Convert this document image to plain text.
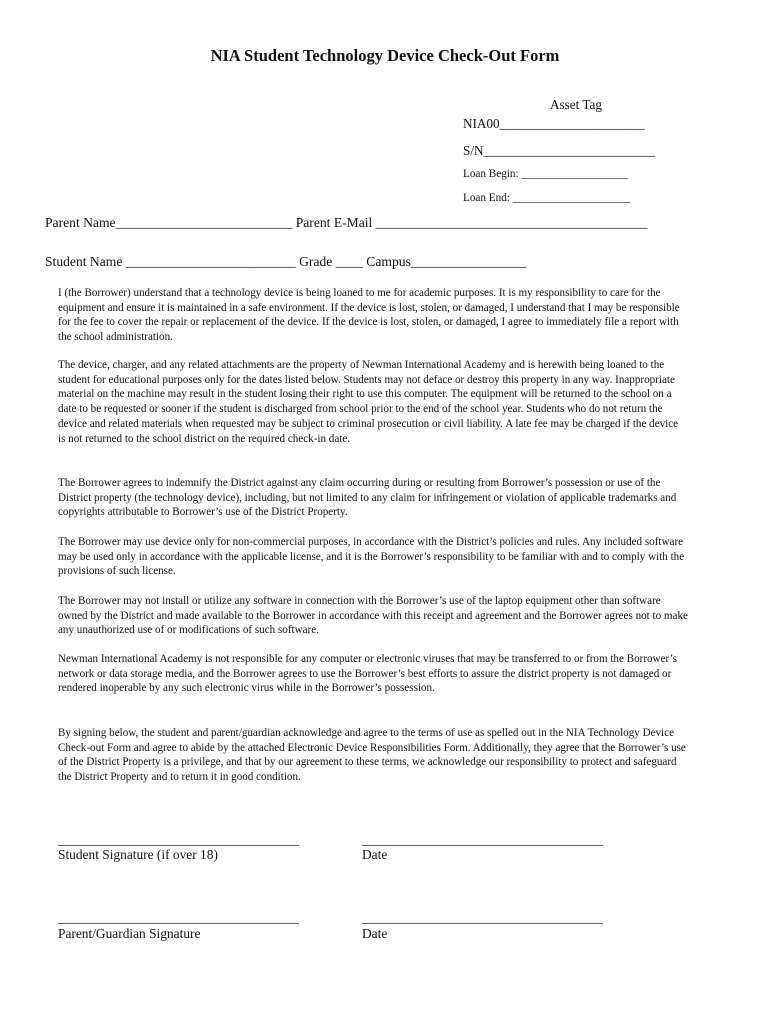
NIA Student Technology Device Check-Out Form
Asset Tag
NIA00______________________
S/N__________________________
Loan Begin: ___________________
Loan End: _____________________
Parent Name__________________________ Parent E-Mail ________________________________________
Student Name _________________________ Grade ____ Campus_________________
I (the Borrower) understand that a technology device is being loaned to me for academic purposes. It is my responsibility to care for the equipment and ensure it is maintained in a safe environment. If the device is lost, stolen, or damaged, I understand that I may be responsible for the fee to cover the repair or replacement of the device. If the device is lost, stolen, or damaged, I agree to immediately file a report with the school administration.
The device, charger, and any related attachments are the property of Newman International Academy and is herewith being loaned to the student for educational purposes only for the dates listed below. Students may not deface or destroy this property in any way. Inappropriate material on the machine may result in the student losing their right to use this computer. The equipment will be returned to the school on a date to be requested or sooner if the student is discharged from school prior to the end of the school year. Students who do not return the device and related materials when requested may be subject to criminal prosecution or civil liability. A late fee may be charged if the device is not returned to the school district on the required check-in date.
The Borrower agrees to indemnify the District against any claim occurring during or resulting from Borrower’s possession or use of the District property (the technology device), including, but not limited to any claim for infringement or violation of applicable trademarks and copyrights attributable to Borrower’s use of the District Property.
The Borrower may use device only for non-commercial purposes, in accordance with the District’s policies and rules. Any included software may be used only in accordance with the applicable license, and it is the Borrower’s responsibility to be familiar with and to comply with the provisions of such license.
The Borrower may not install or utilize any software in connection with the Borrower’s use of the laptop equipment other than software owned by the District and made available to the Borrower in accordance with this receipt and agreement and the Borrower agrees not to make any unauthorized use of or modifications of such software.
Newman International Academy is not responsible for any computer or electronic viruses that may be transferred to or from the Borrower’s network or data storage media, and the Borrower agrees to use the Borrower’s best efforts to assure the district property is not damaged or rendered inoperable by any such electronic virus while in the Borrower’s possession.
By signing below, the student and parent/guardian acknowledge and agree to the terms of use as spelled out in the NIA Technology Device Check-out Form and agree to abide by the attached Electronic Device Responsibilities Form. Additionally, they agree that the Borrower’s use of the District Property is a privilege, and that by our agreement to these terms, we acknowledge our responsibility to protect and safeguard the District Property and to return it in good condition.
____________________________________	____________________________________
Student Signature (if over 18)	Date
____________________________________	____________________________________
Parent/Guardian Signature	Date
